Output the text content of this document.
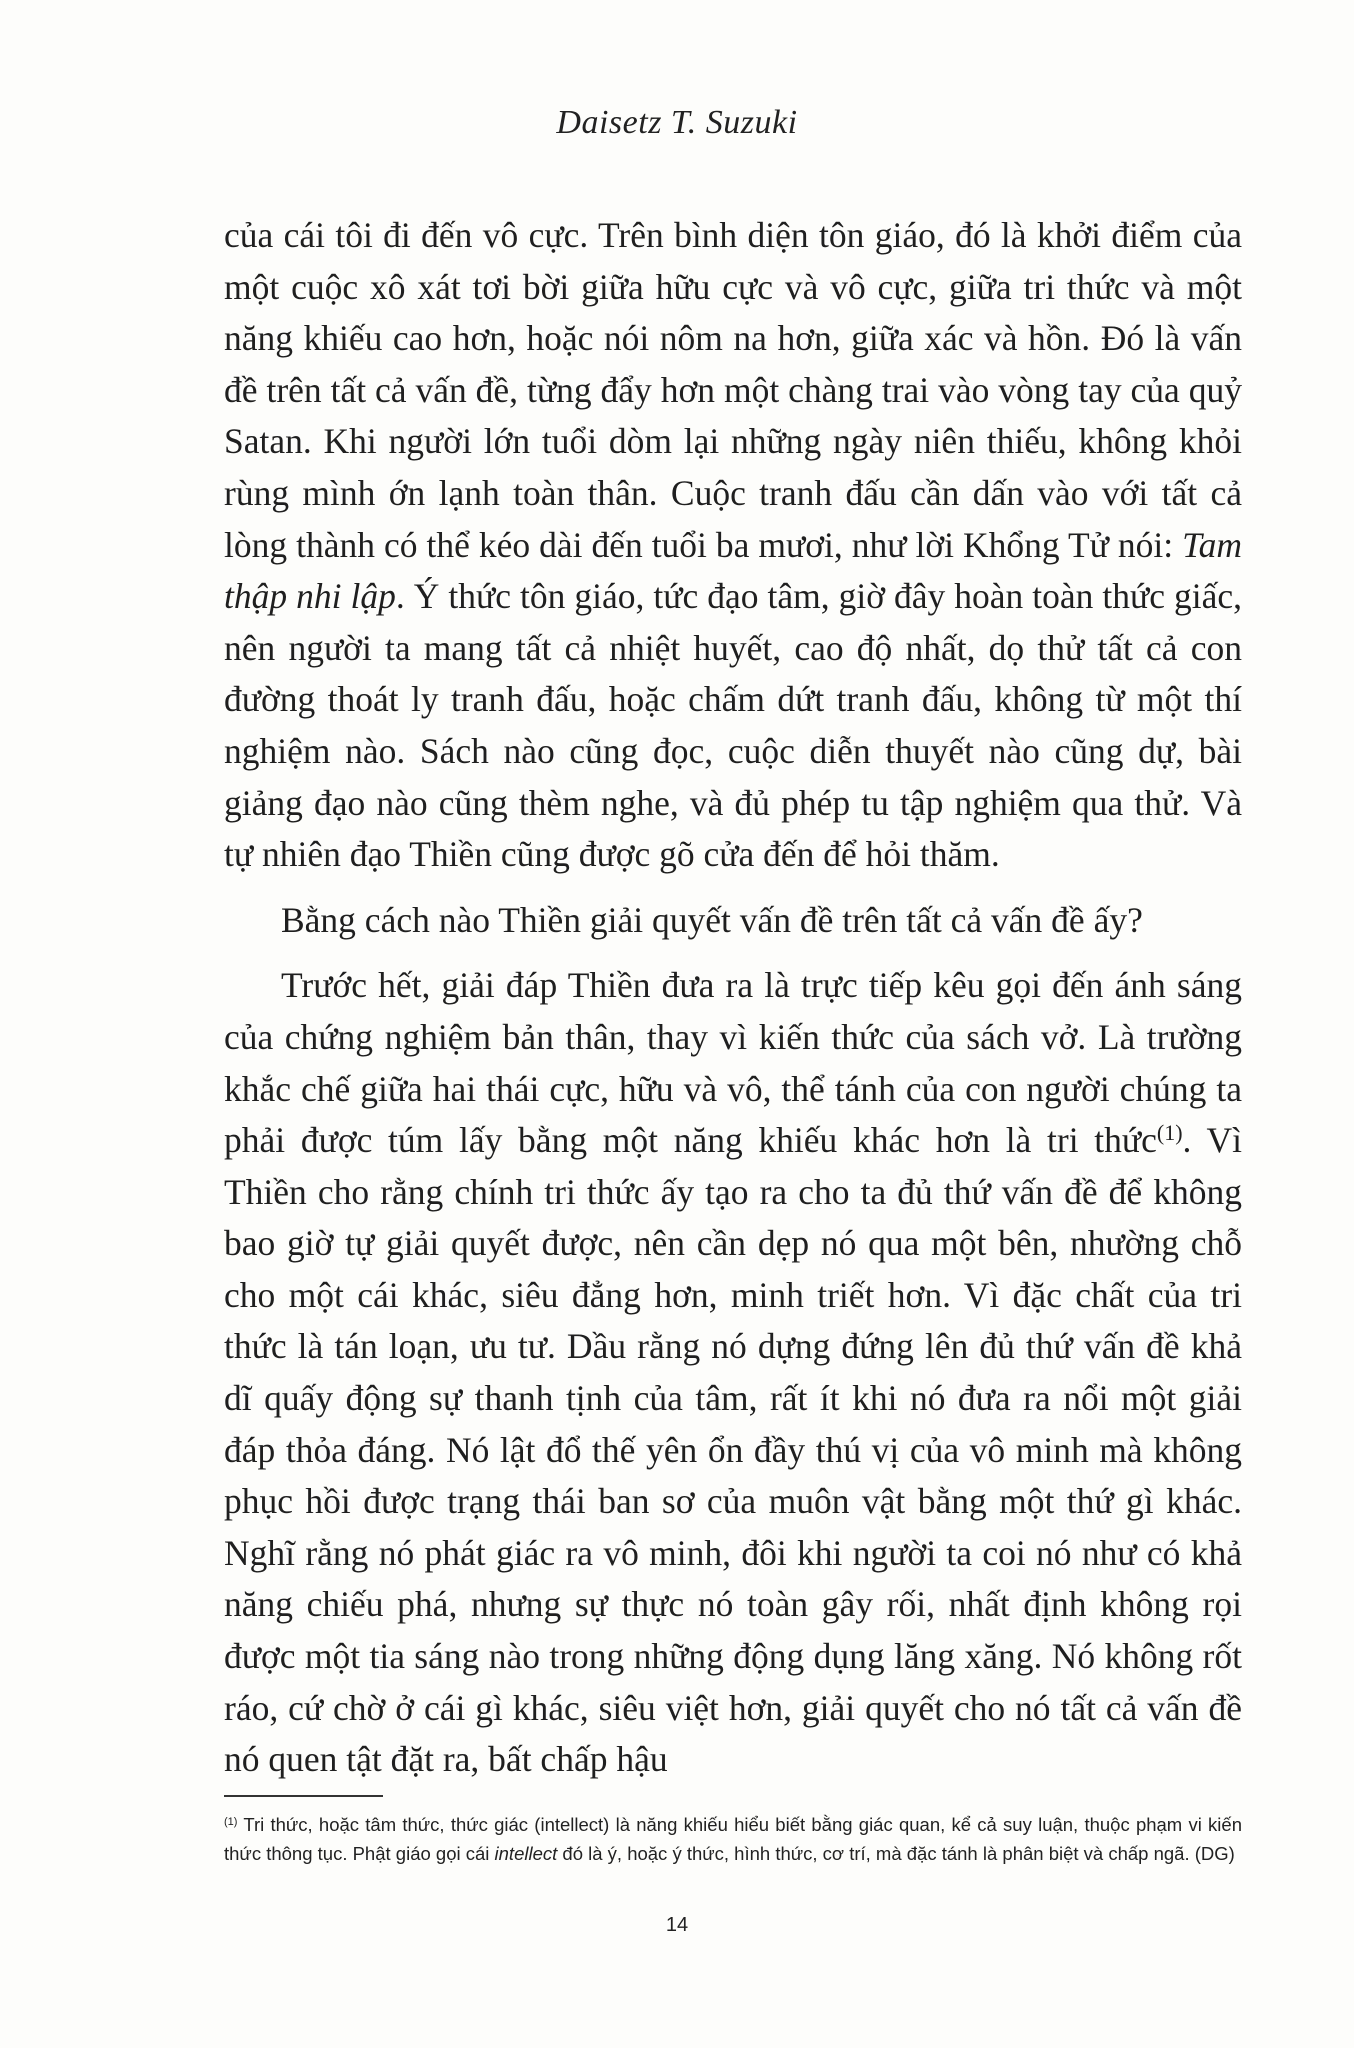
Daisetz T. Suzuki

của cái tôi đi đến vô cực. Trên bình diện tôn giáo, đó là khởi điểm của một cuộc xô xát tơi bời giữa hữu cực và vô cực, giữa tri thức và một năng khiếu cao hơn, hoặc nói nôm na hơn, giữa xác và hồn. Đó là vấn đề trên tất cả vấn đề, từng đẩy hơn một chàng trai vào vòng tay của quỷ Satan. Khi người lớn tuổi dòm lại những ngày niên thiếu, không khỏi rùng mình ớn lạnh toàn thân. Cuộc tranh đấu cần dấn vào với tất cả lòng thành có thể kéo dài đến tuổi ba mươi, như lời Khổng Tử nói: Tam thập nhi lập. Ý thức tôn giáo, tức đạo tâm, giờ đây hoàn toàn thức giấc, nên người ta mang tất cả nhiệt huyết, cao độ nhất, dọ thử tất cả con đường thoát ly tranh đấu, hoặc chấm dứt tranh đấu, không từ một thí nghiệm nào. Sách nào cũng đọc, cuộc diễn thuyết nào cũng dự, bài giảng đạo nào cũng thèm nghe, và đủ phép tu tập nghiệm qua thử. Và tự nhiên đạo Thiền cũng được gõ cửa đến để hỏi thăm.

Bằng cách nào Thiền giải quyết vấn đề trên tất cả vấn đề ấy?

Trước hết, giải đáp Thiền đưa ra là trực tiếp kêu gọi đến ánh sáng của chứng nghiệm bản thân, thay vì kiến thức của sách vở. Là trường khắc chế giữa hai thái cực, hữu và vô, thể tánh của con người chúng ta phải được túm lấy bằng một năng khiếu khác hơn là tri thức$^{(1)}$. Vì Thiền cho rằng chính tri thức ấy tạo ra cho ta đủ thứ vấn đề để không bao giờ tự giải quyết được, nên cần dẹp nó qua một bên, nhường chỗ cho một cái khác, siêu đẳng hơn, minh triết hơn. Vì đặc chất của tri thức là tán loạn, ưu tư. Dầu rằng nó dựng đứng lên đủ thứ vấn đề khả dĩ quấy động sự thanh tịnh của tâm, rất ít khi nó đưa ra nổi một giải đáp thỏa đáng. Nó lật đổ thế yên ổn đầy thú vị của vô minh mà không phục hồi được trạng thái ban sơ của muôn vật bằng một thứ gì khác. Nghĩ rằng nó phát giác ra vô minh, đôi khi người ta coi nó như có khả năng chiếu phá, nhưng sự thực nó toàn gây rối, nhất định không rọi được một tia sáng nào trong những động dụng lăng xăng. Nó không rốt ráo, cứ chờ ở cái gì khác, siêu việt hơn, giải quyết cho nó tất cả vấn đề nó quen tật đặt ra, bất chấp hậu

$^{(1)}$ Tri thức, hoặc tâm thức, thức giác (intellect) là năng khiếu hiểu biết bằng giác quan, kể cả suy luận, thuộc phạm vi kiến thức thông tục. Phật giáo gọi cái intellect đó là ý, hoặc ý thức, hình thức, cơ trí, mà đặc tánh là phân biệt và chấp ngã. (DG)
14
